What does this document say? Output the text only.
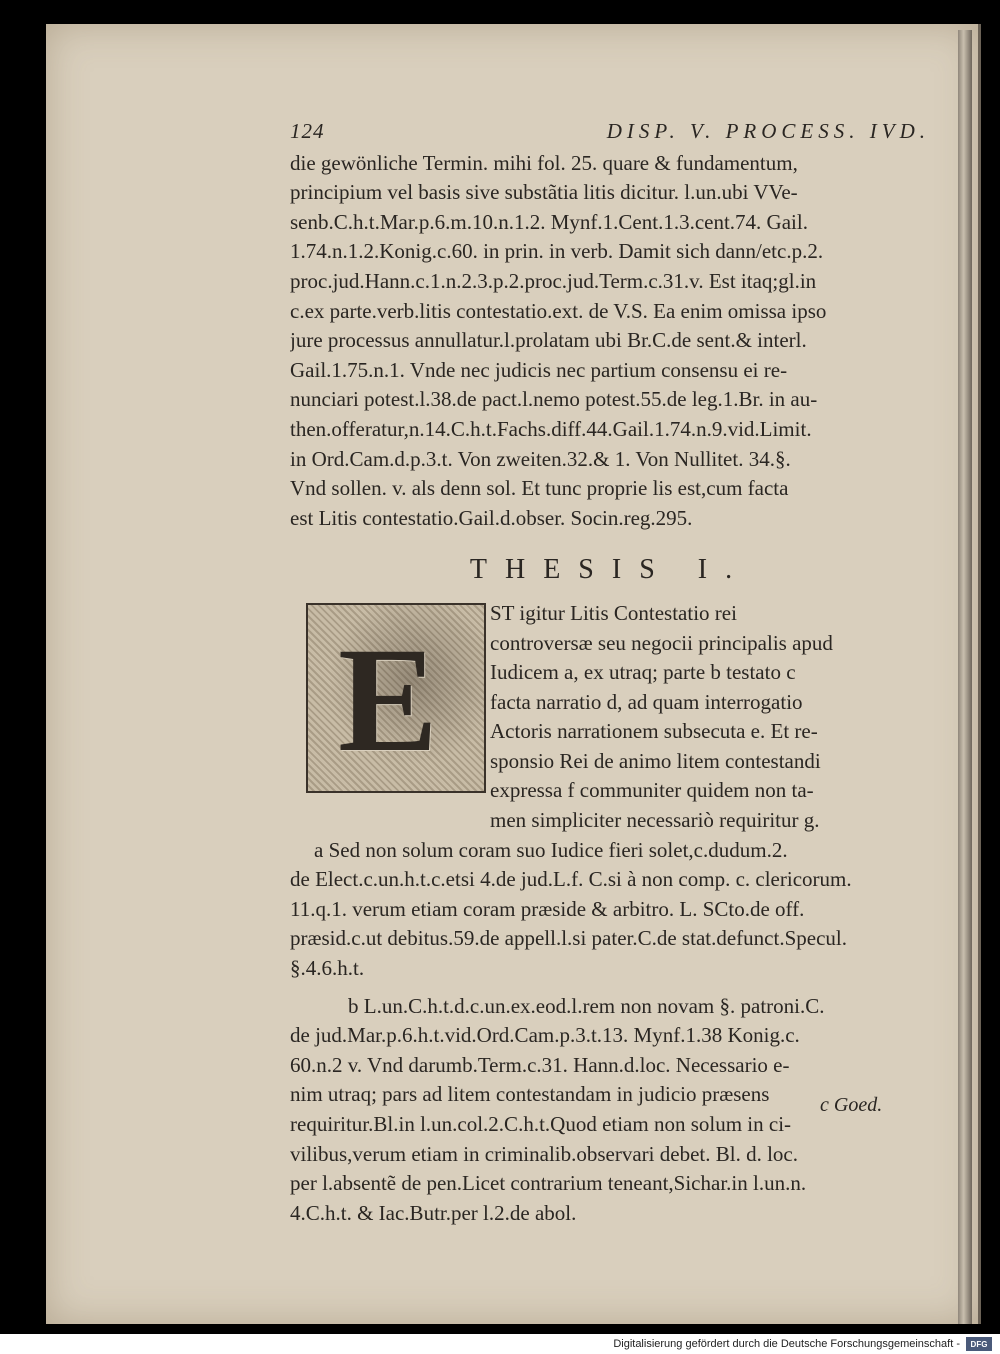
124	DISP. V. PROCESS. IVD.
die gewönliche Termin. mihi fol. 25. quare & fundamentum,
principium vel basis sive substãtia litis dicitur. l.un.ubi VVe-
senb.C.h.t.Mar.p.6.m.10.n.1.2. Mynf.1.Cent.1.3.cent.74. Gail.
1.74.n.1.2.Konig.c.60. in prin. in verb. Damit sich dann/etc.p.2.
proc.jud.Hann.c.1.n.2.3.p.2.proc.jud.Term.c.31.v. Est itaq;gl.in
c.ex parte.verb.litis contestatio.ext. de V.S. Ea enim omissa ipso
jure processus annullatur.l.prolatam ubi Br.C.de sent.& interl.
Gail.1.75.n.1. Vnde nec judicis nec partium consensu ei re-
nunciari potest.l.38.de pact.l.nemo potest.55.de leg.1.Br. in au-
then.offeratur,n.14.C.h.t.Fachs.diff.44.Gail.1.74.n.9.vid.Limit.
in Ord.Cam.d.p.3.t. Von zweiten.32.& 1. Von Nullitet. 34.§.
Vnd sollen. v. als denn sol. Et tunc proprie lis est,cum facta
est Litis contestatio.Gail.d.obser. Socin.reg.295.
THESIS I.
E
ST igitur Litis Contestatio rei
controversæ seu negocii principalis apud
Iudicem a, ex utraq; parte b testato c
facta narratio d, ad quam interrogatio
Actoris narrationem subsecuta e. Et re-
sponsio Rei de animo litem contestandi
expressa f communiter quidem non ta-
men simpliciter necessariò requiritur g.
a Sed non solum coram suo Iudice fieri solet,c.dudum.2.
de Elect.c.un.h.t.c.etsi 4.de jud.L.f. C.si à non comp. c. clericorum.
11.q.1. verum etiam coram præside & arbitro. L. SCto.de off.
præsid.c.ut debitus.59.de appell.l.si pater.C.de stat.defunct.Specul.
§.4.6.h.t.
b L.un.C.h.t.d.c.un.ex.eod.l.rem non novam §. patroni.C.
de jud.Mar.p.6.h.t.vid.Ord.Cam.p.3.t.13. Mynf.1.38 Konig.c.
60.n.2 v. Vnd darumb.Term.c.31. Hann.d.loc. Necessario e-
nim utraq; pars ad litem contestandam in judicio præsens
requiritur.Bl.in l.un.col.2.C.h.t.Quod etiam non solum in ci-
vilibus,verum etiam in criminalib.observari debet. Bl. d. loc.
per l.absentẽ de pen.Licet contrarium teneant,Sichar.in l.un.n.
4.C.h.t. & Iac.Butr.per l.2.de abol.
c Goed.
Digitalisierung gefördert durch die Deutsche Forschungsgemeinschaft -	DFG
